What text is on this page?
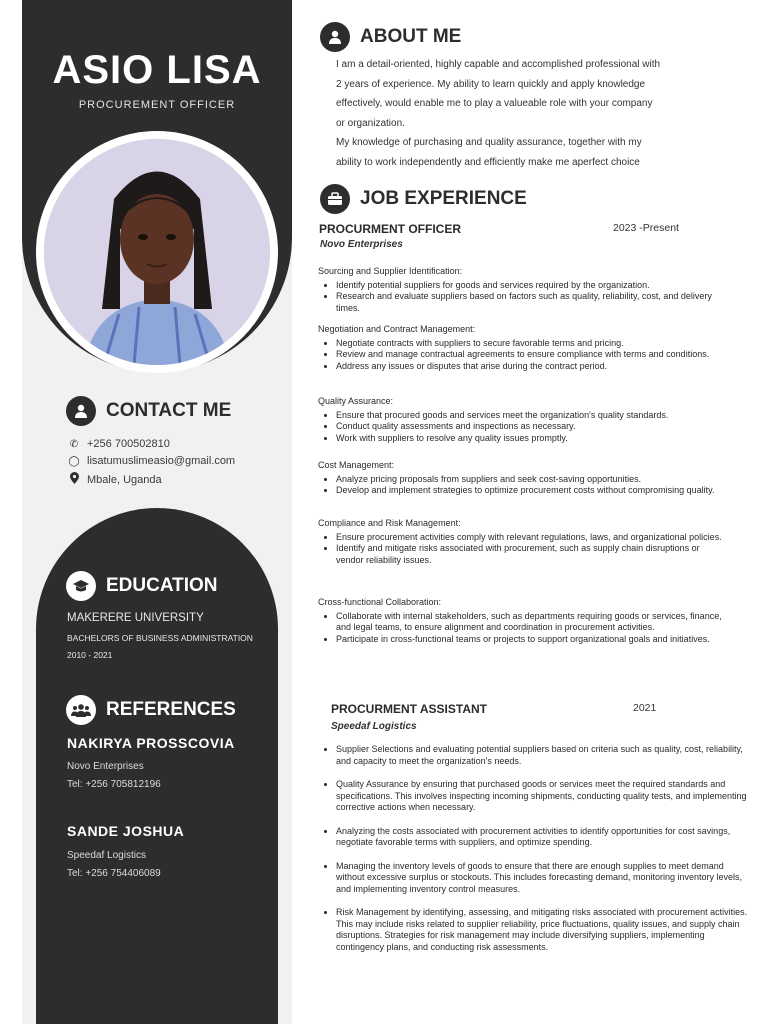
ASIO LISA
PROCUREMENT OFFICER
CONTACT ME
✆ +256 700502810
◯ lisatumuslimeasio@gmail.com
Mbale, Uganda
EDUCATION
MAKERERE UNIVERSITY
BACHELORS OF BUSINESS ADMINISTRATION
2010 - 2021
REFERENCES
NAKIRYA PROSSCOVIA
Novo Enterprises
Tel: +256 705812196
SANDE JOSHUA
Speedaf Logistics
Tel: +256 754406089
ABOUT ME
I am a detail-oriented, highly capable and accomplished professional with
2 years of experience. My ability to learn quickly and apply knowledge
effectively, would enable me to play a valueable role with your company
or organization.
My knowledge of purchasing and quality assurance, together with my
ability to work independently and efficiently make me aperfect choice
JOB EXPERIENCE
PROCURMENT OFFICER	2023 -Present
Novo Enterprises
Sourcing and Supplier Identification:
• Identify potential suppliers for goods and services required by the organization.
• Research and evaluate suppliers based on factors such as quality, reliability, cost, and delivery times.
Negotiation and Contract Management:
• Negotiate contracts with suppliers to secure favorable terms and pricing.
• Review and manage contractual agreements to ensure compliance with terms and conditions.
• Address any issues or disputes that arise during the contract period.
Quality Assurance:
• Ensure that procured goods and services meet the organization's quality standards.
• Conduct quality assessments and inspections as necessary.
• Work with suppliers to resolve any quality issues promptly.
Cost Management:
• Analyze pricing proposals from suppliers and seek cost-saving opportunities.
• Develop and implement strategies to optimize procurement costs without compromising quality.
Compliance and Risk Management:
• Ensure procurement activities comply with relevant regulations, laws, and organizational policies.
• Identify and mitigate risks associated with procurement, such as supply chain disruptions or vendor reliability issues.
Cross-functional Collaboration:
• Collaborate with internal stakeholders, such as departments requiring goods or services, finance, and legal teams, to ensure alignment and coordination in procurement activities.
• Participate in cross-functional teams or projects to support organizational goals and initiatives.
PROCURMENT ASSISTANT	2021
Speedaf Logistics
• Supplier Selections and evaluating potential suppliers based on criteria such as quality, cost, reliability, and capacity to meet the organization's needs.
• Quality Assurance by ensuring that purchased goods or services meet the required standards and specifications. This involves inspecting incoming shipments, conducting quality tests, and implementing corrective actions when necessary.
• Analyzing the costs associated with procurement activities to identify opportunities for cost savings, negotiate favorable terms with suppliers, and optimize spending.
• Managing the inventory levels of goods to ensure that there are enough supplies to meet demand without excessive surplus or stockouts. This includes forecasting demand, monitoring inventory levels, and implementing inventory control measures.
• Risk Management by identifying, assessing, and mitigating risks associated with procurement activities. This may include risks related to supplier reliability, price fluctuations, quality issues, and supply chain disruptions. Strategies for risk management may include diversifying suppliers, implementing contingency plans, and conducting risk assessments.
